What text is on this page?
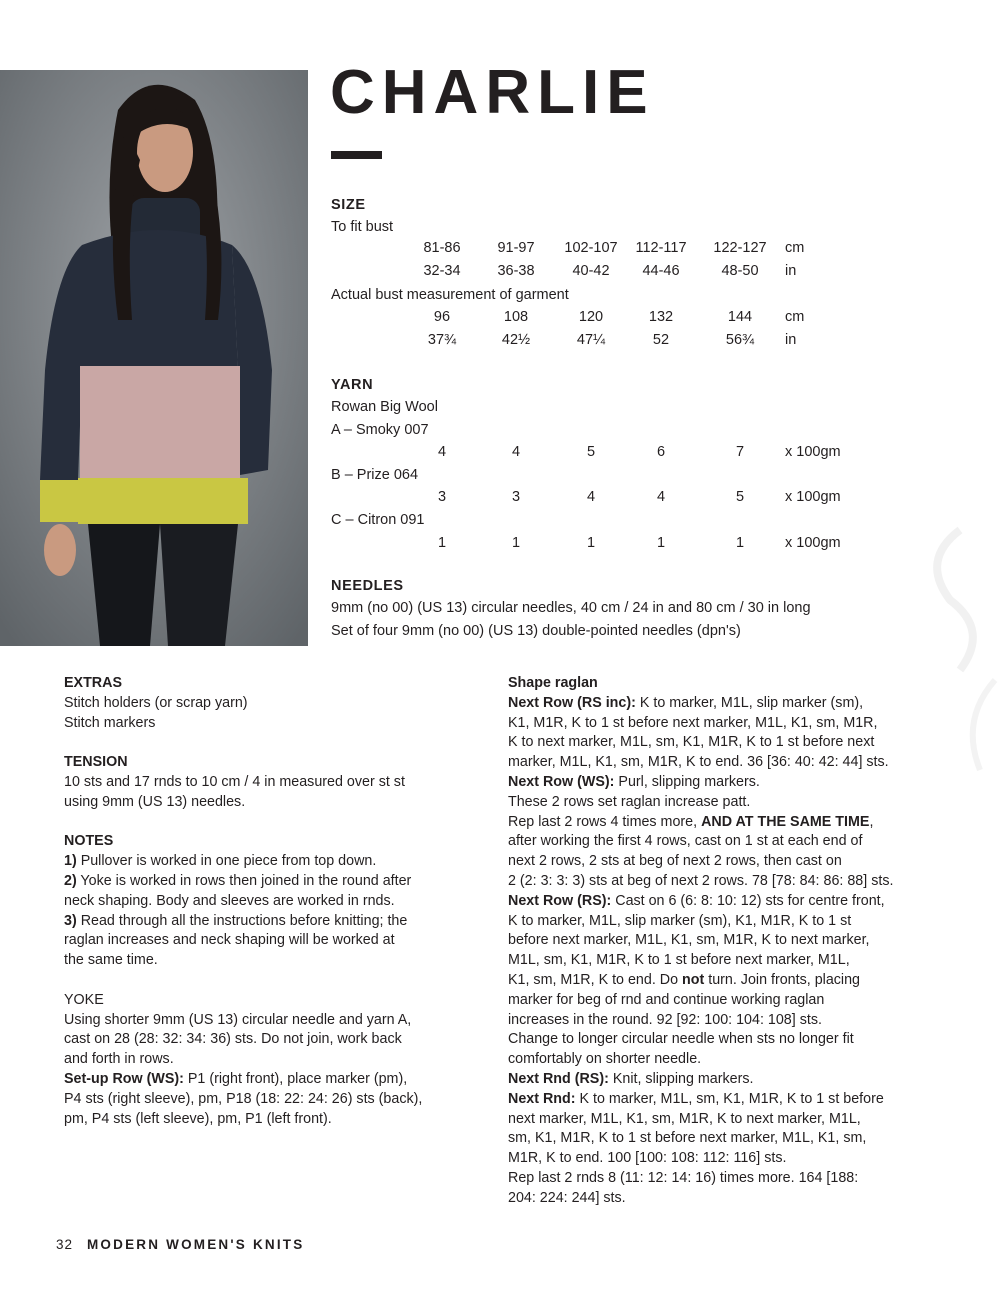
CHARLIE
SIZE
To fit bust
81-86	91-97	102-107	112-117	122-127	cm
32-34	36-38	40-42	44-46	48-50	in
Actual bust measurement of garment
96	108	120	132	144	cm
37¾	42½	47¼	52	56¾	in
YARN
Rowan Big Wool
A – Smoky 007
4	4	5	6	7	x 100gm
B – Prize 064
3	3	4	4	5	x 100gm
C – Citron 091
1	1	1	1	1	x 100gm
NEEDLES
9mm (no 00) (US 13) circular needles, 40 cm / 24 in and 80 cm / 30 in long
Set of four 9mm (no 00) (US 13) double-pointed needles (dpn's)

EXTRAS

Stitch holders (or scrap yarn)

Stitch markers

TENSION

10 sts and 17 rnds to 10 cm / 4 in measured over st st

using 9mm (US 13) needles.

NOTES

1) Pullover is worked in one piece from top down.

2) Yoke is worked in rows then joined in the round after

neck shaping. Body and sleeves are worked in rnds.

3) Read through all the instructions before knitting; the

raglan increases and neck shaping will be worked at

the same time.

YOKE

Using shorter 9mm (US 13) circular needle and yarn A,

cast on 28 (28: 32: 34: 36) sts. Do not join, work back

and forth in rows.

Set-up Row (WS): P1 (right front), place marker (pm),

P4 sts (right sleeve), pm, P18 (18: 22: 24: 26) sts (back),

pm, P4 sts (left sleeve), pm, P1 (left front).

Shape raglan

Next Row (RS inc): K to marker, M1L, slip marker (sm),

K1, M1R, K to 1 st before next marker, M1L, K1, sm, M1R,

K to next marker, M1L, sm, K1, M1R, K to 1 st before next

marker, M1L, K1, sm, M1R, K to end. 36 [36: 40: 42: 44] sts.

Next Row (WS): Purl, slipping markers.

These 2 rows set raglan increase patt.

Rep last 2 rows 4 times more, AND AT THE SAME TIME,

after working the first 4 rows, cast on 1 st at each end of

next 2 rows, 2 sts at beg of next 2 rows, then cast on

2 (2: 3: 3: 3) sts at beg of next 2 rows. 78 [78: 84: 86: 88] sts.

Next Row (RS): Cast on 6 (6: 8: 10: 12) sts for centre front,

K to marker, M1L, slip marker (sm), K1, M1R, K to 1 st

before next marker, M1L, K1, sm, M1R, K to next marker,

M1L, sm, K1, M1R, K to 1 st before next marker, M1L,

K1, sm, M1R, K to end. Do not turn. Join fronts, placing

marker for beg of rnd and continue working raglan

increases in the round. 92 [92: 100: 104: 108] sts.

Change to longer circular needle when sts no longer fit

comfortably on shorter needle.

Next Rnd (RS): Knit, slipping markers.

Next Rnd: K to marker, M1L, sm, K1, M1R, K to 1 st before

next marker, M1L, K1, sm, M1R, K to next marker, M1L,

sm, K1, M1R, K to 1 st before next marker, M1L, K1, sm,

M1R, K to end. 100 [100: 108: 112: 116] sts.

Rep last 2 rnds 8 (11: 12: 14: 16) times more. 164 [188:

204: 224: 244] sts.

32 MODERN WOMEN'S KNITS
